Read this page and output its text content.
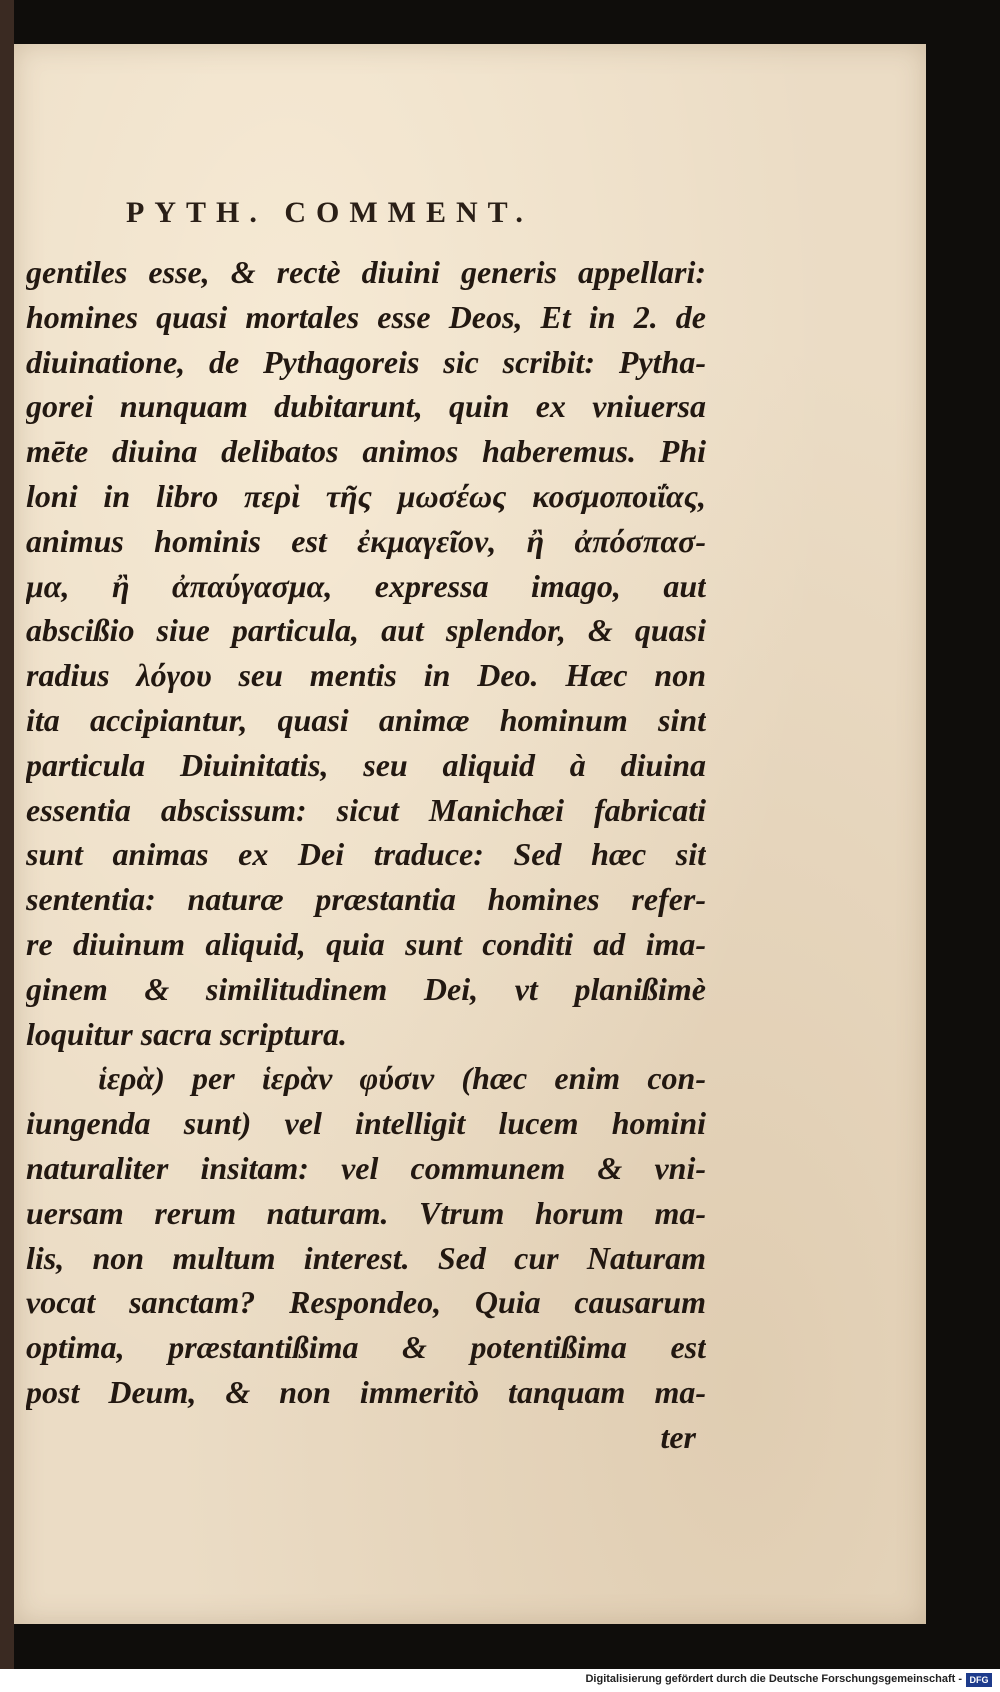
PYTH. COMMENT.
gentiles esse, & rectè diuini generis appellari:
homines quasi mortales esse Deos, Et in 2. de
diuinatione, de Pythagoreis sic scribit: Pytha-
gorei nunquam dubitarunt, quin ex vniuersa
mēte diuina delibatos animos haberemus. Phi
loni in libro περὶ τῆς μωσέως κοσμοποιΐας,
animus hominis est ἐκμαγεῖον, ἢ ἀπόσπασ-
μα, ἢ ἀπαύγασμα, expressa imago, aut
abscißio siue particula, aut splendor, & quasi
radius λόγου seu mentis in Deo. Hæc non
ita accipiantur, quasi animæ hominum sint
particula Diuinitatis, seu aliquid à diuina
essentia abscissum: sicut Manichæi fabricati
sunt animas ex Dei traduce: Sed hæc sit
sententia: naturæ præstantia homines refer-
re diuinum aliquid, quia sunt conditi ad ima-
ginem & similitudinem Dei, vt planißimè
loquitur sacra scriptura.
ἱερὰ) per ἱερὰν φύσιν (hæc enim con-
iungenda sunt) vel intelligit lucem homini
naturaliter insitam: vel communem & vni-
uersam rerum naturam. Vtrum horum ma-
lis, non multum interest. Sed cur Naturam
vocat sanctam? Respondeo, Quia causarum
optima, præstantißima & potentißima est
post Deum, & non immeritò tanquam ma-
ter
Digitalisierung gefördert durch die Deutsche Forschungsgemeinschaft - DFG
